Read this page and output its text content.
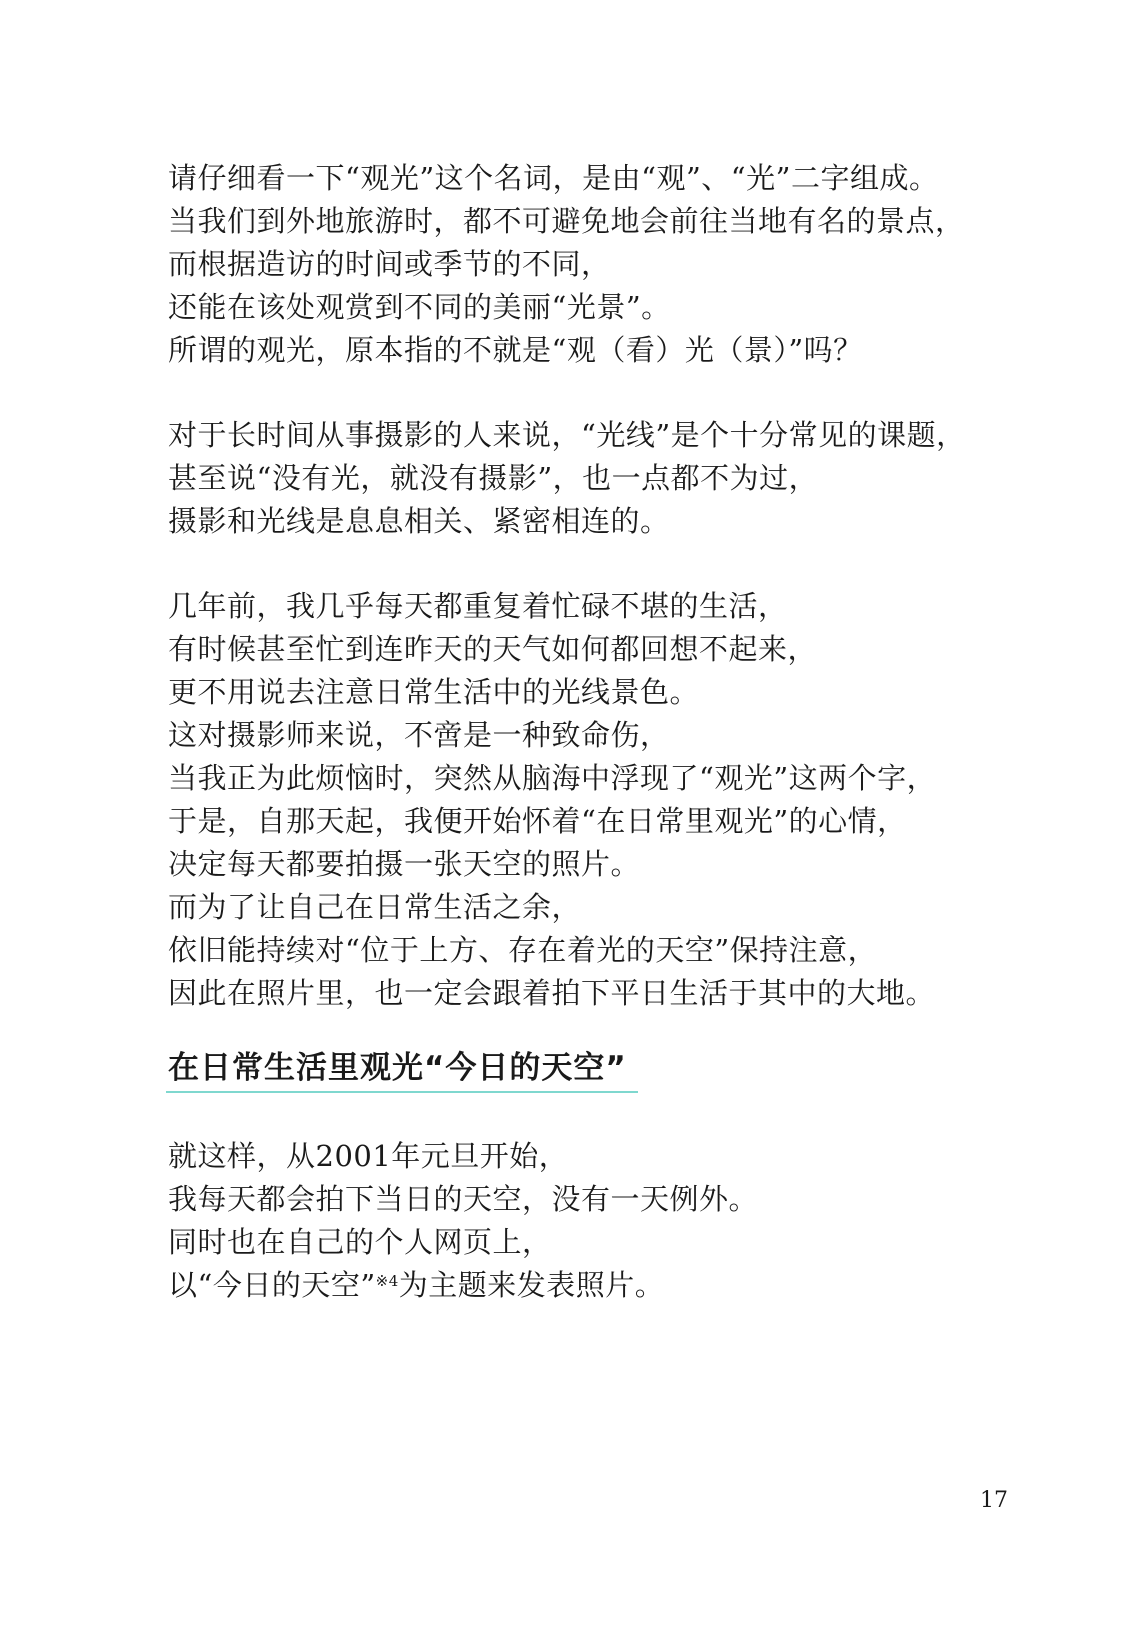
请仔细看一下“观光”这个名词，是由“观”、“光”二字组成。
当我们到外地旅游时，都不可避免地会前往当地有名的景点，
而根据造访的时间或季节的不同，
还能在该处观赏到不同的美丽“光景”。
所谓的观光，原本指的不就是“观（看）光（景）”吗？
对于长时间从事摄影的人来说，“光线”是个十分常见的课题，
甚至说“没有光，就没有摄影”，也一点都不为过，
摄影和光线是息息相关、紧密相连的。
几年前，我几乎每天都重复着忙碌不堪的生活，
有时候甚至忙到连昨天的天气如何都回想不起来，
更不用说去注意日常生活中的光线景色。
这对摄影师来说，不啻是一种致命伤，
当我正为此烦恼时，突然从脑海中浮现了“观光”这两个字，
于是，自那天起，我便开始怀着“在日常里观光”的心情，
决定每天都要拍摄一张天空的照片。
而为了让自己在日常生活之余，
依旧能持续对“位于上方、存在着光的天空”保持注意，
因此在照片里，也一定会跟着拍下平日生活于其中的大地。
在日常生活里观光“今日的天空”
就这样，从2001年元旦开始，
我每天都会拍下当日的天空，没有一天例外。
同时也在自己的个人网页上，
以“今日的天空”$^{※4}$为主题来发表照片。
17
